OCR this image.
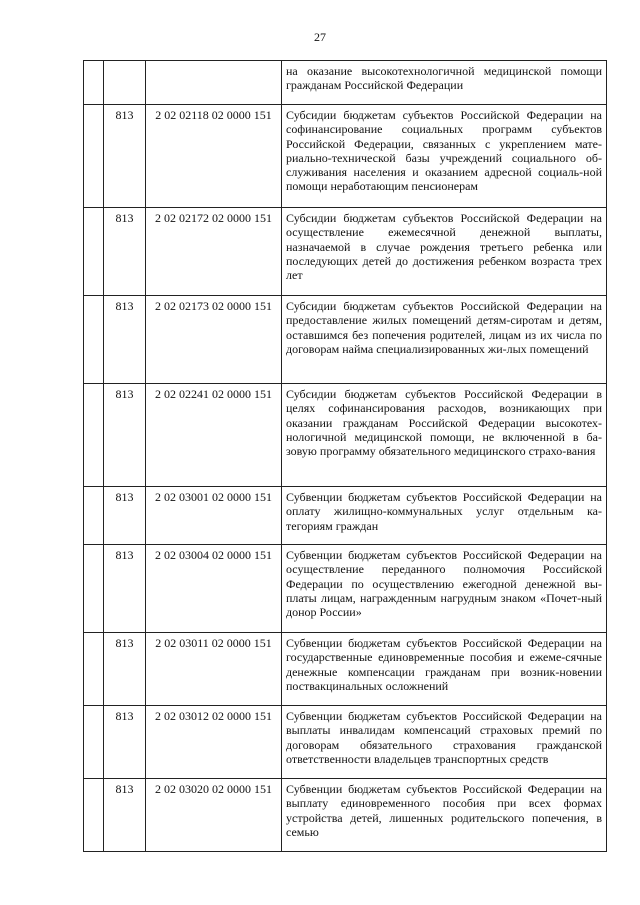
27
			на оказание высокотехнологичной медицинской помощи гражданам Российской Федерации
	813	2 02 02118 02 0000 151	Субсидии бюджетам субъектов Российской Федерации на софинансирование социальных программ субъектов Российской Федерации, связанных с укреплением мате-риально-технической базы учреждений социального об-служивания населения и оказанием адресной социаль-ной помощи неработающим пенсионерам
	813	2 02 02172 02 0000 151	Субсидии бюджетам субъектов Российской Федерации на осуществление ежемесячной денежной выплаты, назначаемой в случае рождения третьего ребенка или последующих детей до достижения ребенком возраста трех лет
	813	2 02 02173 02 0000 151	Субсидии бюджетам субъектов Российской Федерации на предоставление жилых помещений детям-сиротам и детям, оставшимся без попечения родителей, лицам из их числа по договорам найма специализированных жи-лых помещений
	813	2 02 02241 02 0000 151	Субсидии бюджетам субъектов Российской Федерации в целях софинансирования расходов, возникающих при оказании гражданам Российской Федерации высокотех-нологичной медицинской помощи, не включенной в ба-зовую программу обязательного медицинского страхо-вания
	813	2 02 03001 02 0000 151	Субвенции бюджетам субъектов Российской Федерации на оплату жилищно-коммунальных услуг отдельным ка-тегориям граждан
	813	2 02 03004 02 0000 151	Субвенции бюджетам субъектов Российской Федерации на осуществление переданного полномочия Российской Федерации по осуществлению ежегодной денежной вы-платы лицам, награжденным нагрудным знаком «Почет-ный донор России»
	813	2 02 03011 02 0000 151	Субвенции бюджетам субъектов Российской Федерации на государственные единовременные пособия и ежеме-сячные денежные компенсации гражданам при возник-новении поствакцинальных осложнений
	813	2 02 03012 02 0000 151	Субвенции бюджетам субъектов Российской Федерации на выплаты инвалидам компенсаций страховых премий по договорам обязательного страхования гражданской ответственности владельцев транспортных средств
	813	2 02 03020 02 0000 151	Субвенции бюджетам субъектов Российской Федерации на выплату единовременного пособия при всех формах устройства детей, лишенных родительского попечения, в семью
